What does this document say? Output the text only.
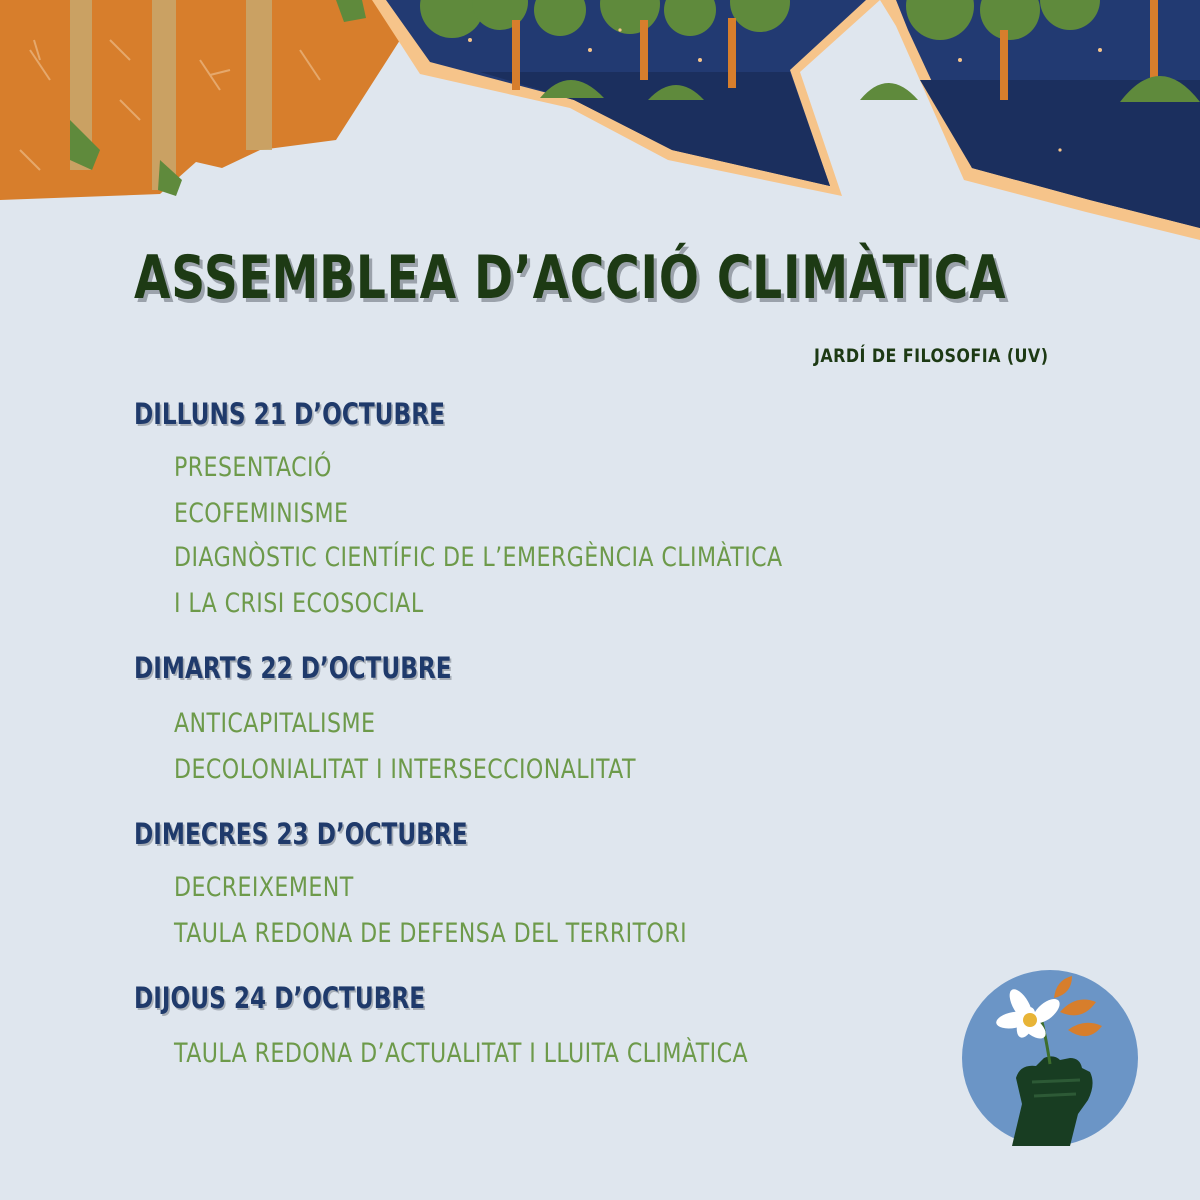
ASSEMBLEA D’ACCIÓ CLIMÀTICA
JARDÍ DE FILOSOFIA (UV)
DILLUNS 21 D’OCTUBRE
PRESENTACIÓ
ECOFEMINISME
DIAGNÒSTIC CIENTÍFIC DE L’EMERGÈNCIA CLIMÀTICA
I LA CRISI ECOSOCIAL
DIMARTS 22 D’OCTUBRE
ANTICAPITALISME
DECOLONIALITAT I INTERSECCIONALITAT
DIMECRES 23 D’OCTUBRE
DECREIXEMENT
TAULA REDONA DE DEFENSA DEL TERRITORI
DIJOUS 24 D’OCTUBRE
TAULA REDONA D’ACTUALITAT I LLUITA CLIMÀTICA
